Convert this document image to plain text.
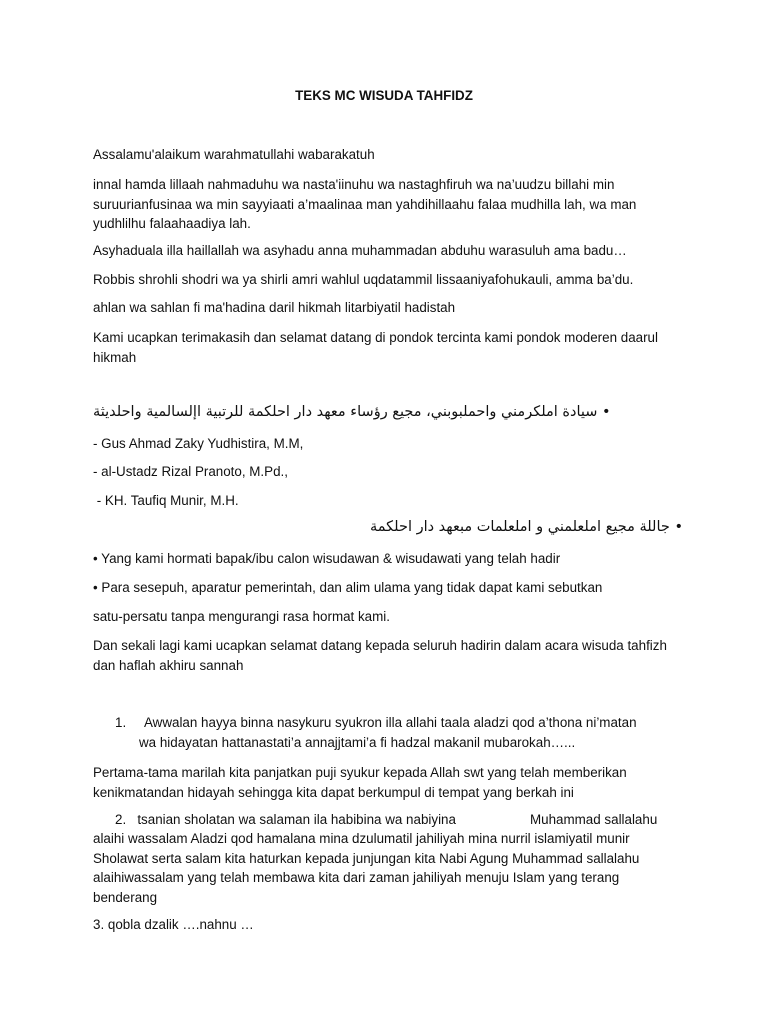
TEKS MC WISUDA TAHFIDZ
Assalamu'alaikum warahmatullahi wabarakatuh
innal hamda lillaah nahmaduhu wa nasta'iinuhu wa nastaghfiruh wa na’uudzu billahi min suruurianfusinaa wa min sayyiaati a’maalinaa man yahdihillaahu falaa mudhilla lah, wa man yudhlilhu falaahaadiya lah.
Asyhaduala illa haillallah wa asyhadu anna muhammadan abduhu warasuluh ama badu…
Robbis shrohli shodri wa ya shirli amri wahlul uqdatammil lissaaniyafohukauli, amma ba’du.
ahlan wa sahlan fi ma'hadina daril hikmah litarbiyatil hadistah
Kami ucapkan terimakasih dan selamat datang di pondok tercinta kami pondok moderen daarul hikmah
• سيادة املكرمني واحملبوبني، مجيع رؤساء معهد دار احلكمة للرتبية اإلسالمية واحلديثة
- Gus Ahmad Zaky Yudhistira, M.M,
- al-Ustadz Rizal Pranoto, M.Pd.,
- KH. Taufiq Munir, M.H.
• جاللة مجيع املعلمني و املعلمات مبعهد دار احلكمة
• Yang kami hormati bapak/ibu calon wisudawan & wisudawati yang telah hadir
• Para sesepuh, aparatur pemerintah, dan alim ulama yang tidak dapat kami sebutkan
satu-persatu tanpa mengurangi rasa hormat kami.
Dan sekali lagi kami ucapkan selamat datang kepada seluruh hadirin dalam acara wisuda tahfizh dan haflah akhiru sannah
1. Awwalan hayya binna nasykuru syukron illa allahi taala aladzi qod a’thona ni’matan
wa hidayatan hattanastati’a annajjtami’a fi hadzal makanil mubarokah…...
Pertama-tama marilah kita panjatkan puji syukur kepada Allah swt yang telah memberikan kenikmatandan hidayah sehingga kita dapat berkumpul di tempat yang berkah ini
2.   tsanian sholatan wa salaman ila habibina wa nabiyina	Muhammad sallalahu
alaihi wassalam Aladzi qod hamalana mina dzulumatil jahiliyah mina nurril islamiyatil munir Sholawat serta salam kita haturkan kepada junjungan kita Nabi Agung Muhammad sallalahu alaihiwassalam yang telah membawa kita dari zaman jahiliyah menuju Islam yang terang benderang
3. qobla dzalik ….nahnu …
